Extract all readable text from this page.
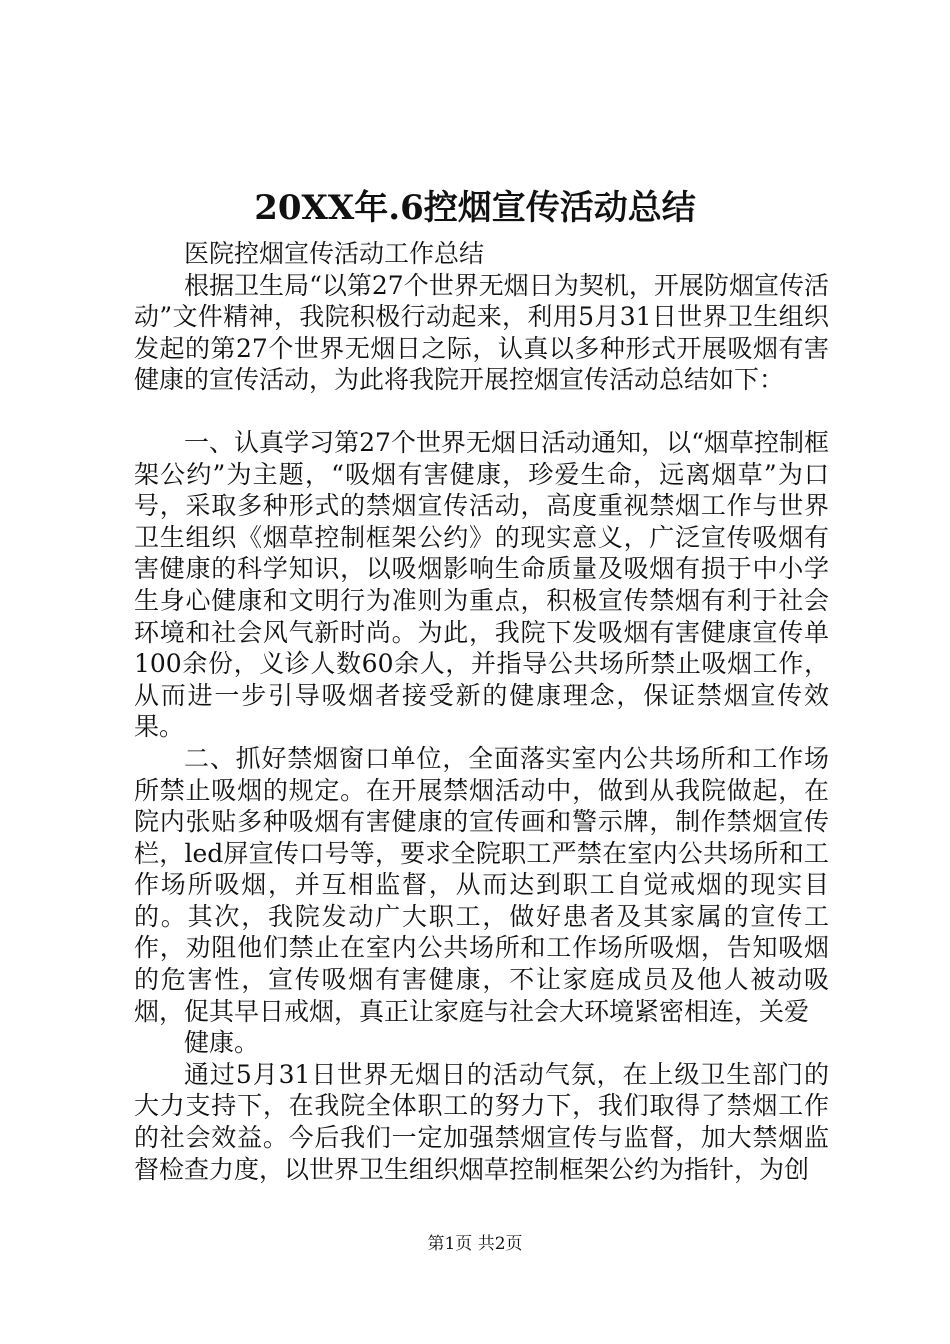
20XX年.6控烟宣传活动总结

医院控烟宣传活动工作总结

根据卫生局“以第27个世界无烟日为契机，开展防烟宣传活动”文件精神，我院积极行动起来，利用5月31日世界卫生组织发起的第27个世界无烟日之际，认真以多种形式开展吸烟有害健康的宣传活动，为此将我院开展控烟宣传活动总结如下：

一、认真学习第27个世界无烟日活动通知，以“烟草控制框架公约”为主题，“吸烟有害健康，珍爱生命，远离烟草”为口号，采取多种形式的禁烟宣传活动，高度重视禁烟工作与世界卫生组织《烟草控制框架公约》的现实意义，广泛宣传吸烟有害健康的科学知识，以吸烟影响生命质量及吸烟有损于中小学生身心健康和文明行为准则为重点，积极宣传禁烟有利于社会环境和社会风气新时尚。为此，我院下发吸烟有害健康宣传单100余份，义诊人数60余人，并指导公共场所禁止吸烟工作，从而进一步引导吸烟者接受新的健康理念，保证禁烟宣传效果。

二、抓好禁烟窗口单位，全面落实室内公共场所和工作场所禁止吸烟的规定。在开展禁烟活动中，做到从我院做起，在院内张贴多种吸烟有害健康的宣传画和警示牌，制作禁烟宣传栏，led屏宣传口号等，要求全院职工严禁在室内公共场所和工作场所吸烟，并互相监督，从而达到职工自觉戒烟的现实目的。其次，我院发动广大职工，做好患者及其家属的宣传工作，劝阻他们禁止在室内公共场所和工作场所吸烟，告知吸烟的危害性，宣传吸烟有害健康，不让家庭成员及他人被动吸烟，促其早日戒烟，真正让家庭与社会大环境紧密相连，关爱

健康。

通过5月31日世界无烟日的活动气氛，在上级卫生部门的大力支持下，在我院全体职工的努力下，我们取得了禁烟工作的社会效益。今后我们一定加强禁烟宣传与监督，加大禁烟监督检查力度，以世界卫生组织烟草控制框架公约为指针，为创

第1页 共2页
